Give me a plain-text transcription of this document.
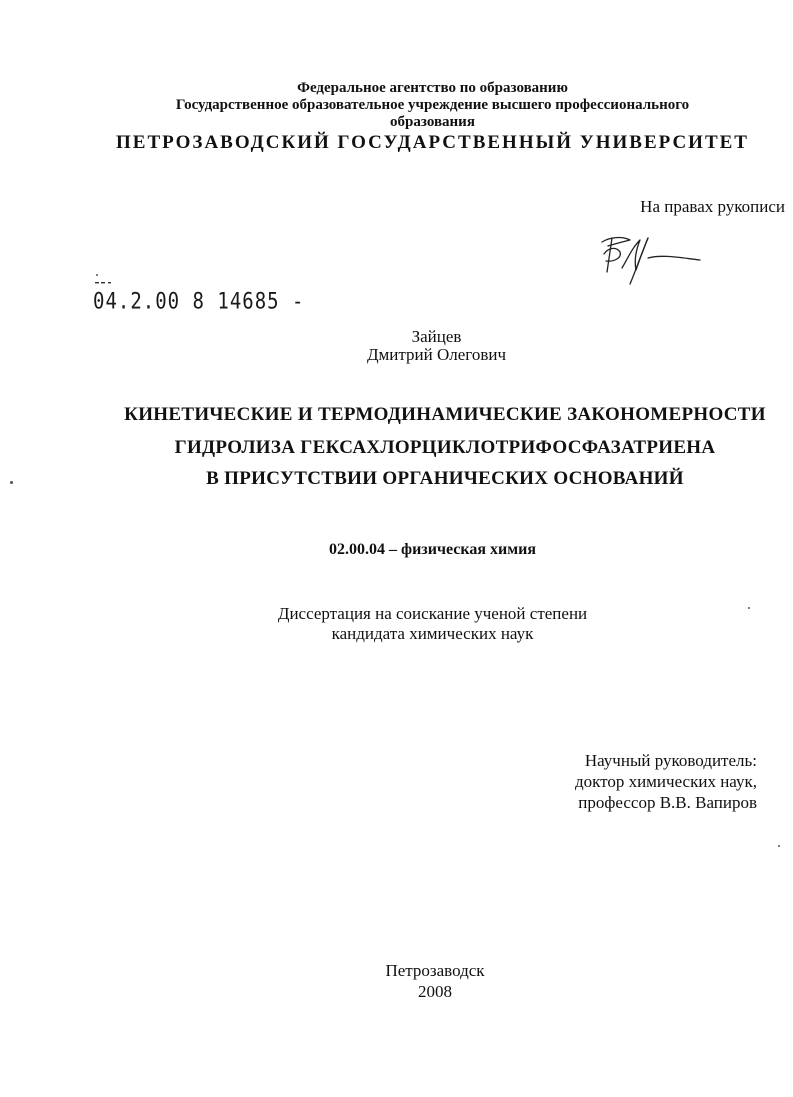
Федеральное агентство по образованию
Государственное образовательное учреждение высшего профессионального
образования
ПЕТРОЗАВОДСКИЙ ГОСУДАРСТВЕННЫЙ УНИВЕРСИТЕТ
На правах рукописи
04.2.00 8 14685 -
Зайцев
Дмитрий Олегович
КИНЕТИЧЕСКИЕ И ТЕРМОДИНАМИЧЕСКИЕ ЗАКОНОМЕРНОСТИ
ГИДРОЛИЗА ГЕКСАХЛОРЦИКЛОТРИФОСФАЗАТРИЕНА
В ПРИСУТСТВИИ ОРГАНИЧЕСКИХ ОСНОВАНИЙ
02.00.04 – физическая химия
Диссертация на соискание ученой степени
кандидата химических наук
Научный руководитель:
доктор химических наук,
профессор В.В. Вапиров
Петрозаводск
2008
